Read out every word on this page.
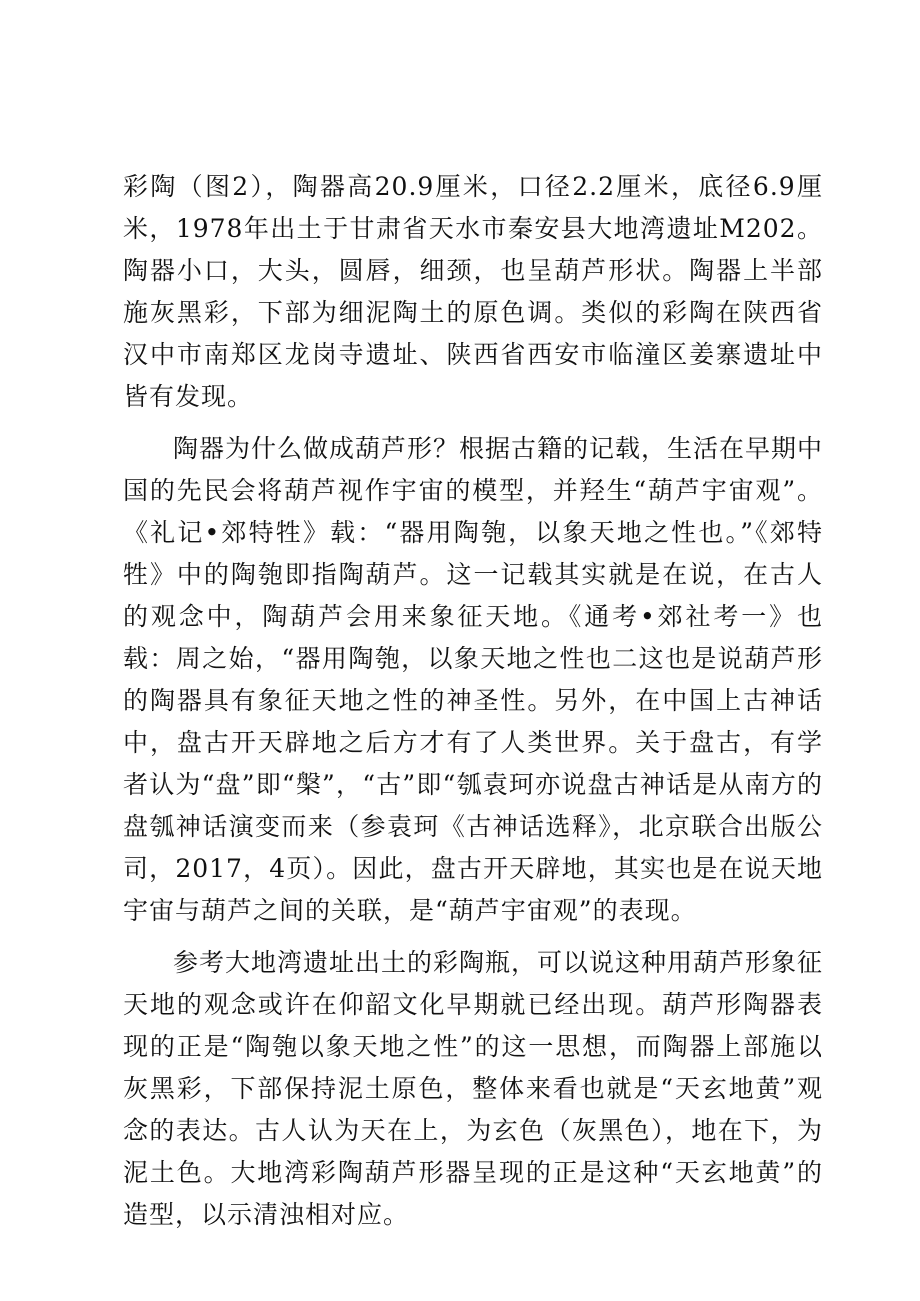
彩陶（图2），陶器高20.9厘米，口径2.2厘米，底径6.9厘米，1978年出土于甘肃省天水市秦安县大地湾遗址M202。陶器小口，大头，圆唇，细颈，也呈葫芦形状。陶器上半部施灰黑彩，下部为细泥陶土的原色调。类似的彩陶在陕西省汉中市南郑区龙岗寺遗址、陕西省西安市临潼区姜寨遗址中皆有发现。

陶器为什么做成葫芦形？根据古籍的记载，生活在早期中国的先民会将葫芦视作宇宙的模型，并羟生“葫芦宇宙观”。《礼记•郊特牲》载：“器用陶匏，以象天地之性也。”《郊特牲》中的陶匏即指陶葫芦。这一记载其实就是在说，在古人的观念中，陶葫芦会用来象征天地。《通考•郊社考一》也载：周之始，“器用陶匏，以象天地之性也二这也是说葫芦形的陶器具有象征天地之性的神圣性。另外，在中国上古神话中，盘古开天辟地之后方才有了人类世界。关于盘古，有学者认为“盘”即“槃”，“古”即“瓠袁珂亦说盘古神话是从南方的盘瓠神话演变而来（参袁珂《古神话选释》，北京联合出版公司，2017，4页）。因此，盘古开天辟地，其实也是在说天地宇宙与葫芦之间的关联，是“葫芦宇宙观”的表现。

参考大地湾遗址出土的彩陶瓶，可以说这种用葫芦形象征天地的观念或许在仰韶文化早期就已经出现。葫芦形陶器表现的正是“陶匏以象天地之性”的这一思想，而陶器上部施以灰黑彩，下部保持泥土原色，整体来看也就是“天玄地黄”观念的表达。古人认为天在上，为玄色（灰黑色），地在下，为泥土色。大地湾彩陶葫芦形器呈现的正是这种“天玄地黄”的造型，以示清浊相对应。
